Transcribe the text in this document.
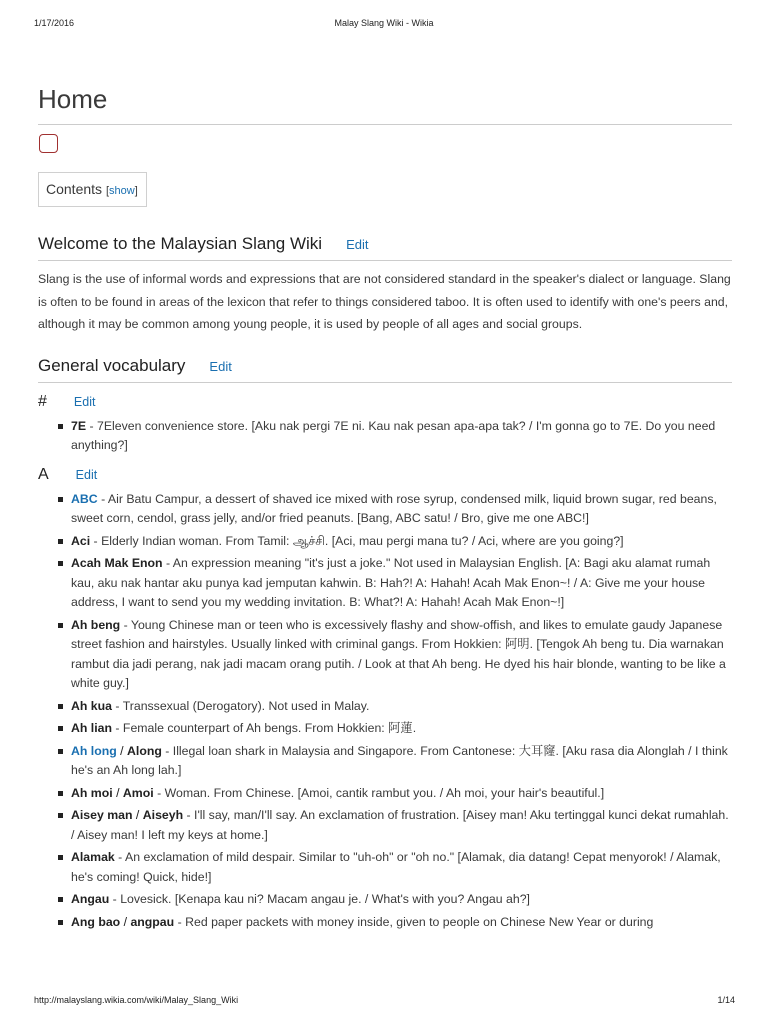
1/17/2016	Malay Slang Wiki - Wikia
Home
Contents [show]
Welcome to the Malaysian Slang Wiki Edit

Slang is the use of informal words and expressions that are not considered standard in the speaker's dialect or language. Slang is often to be found in areas of the lexicon that refer to things considered taboo. It is often used to identify with one's peers and, although it may be common among young people, it is used by people of all ages and social groups.

General vocabulary Edit
# Edit
7E - 7Eleven convenience store. [Aku nak pergi 7E ni. Kau nak pesan apa-apa tak? / I'm gonna go to 7E. Do you need anything?]
A Edit
ABC - Air Batu Campur, a dessert of shaved ice mixed with rose syrup, condensed milk, liquid brown sugar, red beans, sweet corn, cendol, grass jelly, and/or fried peanuts. [Bang, ABC satu! / Bro, give me one ABC!]
Aci - Elderly Indian woman. From Tamil: ஆச்சி. [Aci, mau pergi mana tu? / Aci, where are you going?]
Acah Mak Enon - An expression meaning "it's just a joke." Not used in Malaysian English. [A: Bagi aku alamat rumah kau, aku nak hantar aku punya kad jemputan kahwin. B: Hah?! A: Hahah! Acah Mak Enon~! / A: Give me your house address, I want to send you my wedding invitation. B: What?! A: Hahah! Acah Mak Enon~!]
Ah beng - Young Chinese man or teen who is excessively flashy and show-offish, and likes to emulate gaudy Japanese street fashion and hairstyles. Usually linked with criminal gangs. From Hokkien: 阿明. [Tengok Ah beng tu. Dia warnakan rambut dia jadi perang, nak jadi macam orang putih. / Look at that Ah beng. He dyed his hair blonde, wanting to be like a white guy.]
Ah kua - Transsexual (Derogatory). Not used in Malay.
Ah lian - Female counterpart of Ah bengs. From Hokkien: 阿蓮.
Ah long / Along - Illegal loan shark in Malaysia and Singapore. From Cantonese: 大耳窿. [Aku rasa dia Alonglah / I think he's an Ah long lah.]
Ah moi / Amoi - Woman. From Chinese. [Amoi, cantik rambut you. / Ah moi, your hair's beautiful.]
Aisey man / Aiseyh - I'll say, man/I'll say. An exclamation of frustration. [Aisey man! Aku tertinggal kunci dekat rumahlah. / Aisey man! I left my keys at home.]
Alamak - An exclamation of mild despair. Similar to "uh-oh" or "oh no." [Alamak, dia datang! Cepat menyorok! / Alamak, he's coming! Quick, hide!]
Angau - Lovesick. [Kenapa kau ni? Macam angau je. / What's with you? Angau ah?]
Ang bao / angpau - Red paper packets with money inside, given to people on Chinese New Year or during
http://malayslang.wikia.com/wiki/Malay_Slang_Wiki	1/14
